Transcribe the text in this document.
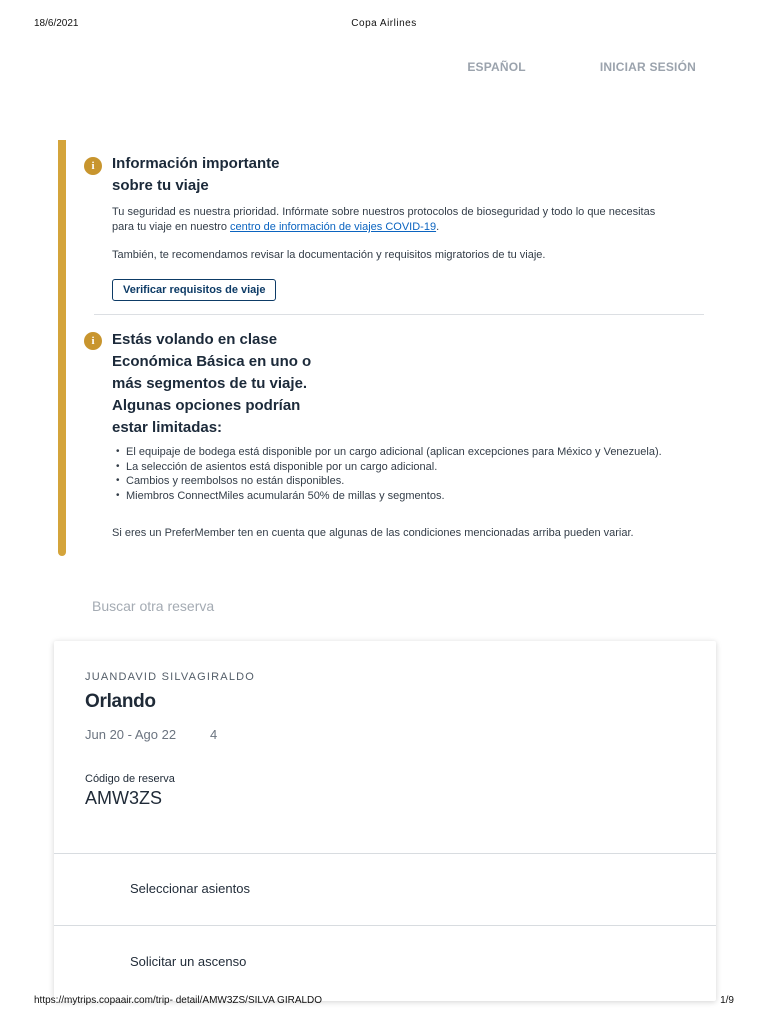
18/6/2021	Copa Airlines
ESPAÑOL	INICIAR SESIÓN
i	Información importante sobre tu viaje

Tu seguridad es nuestra prioridad. Infórmate sobre nuestros protocolos de bioseguridad y todo lo que necesitas para tu viaje en nuestro centro de información de viajes COVID-19.

También, te recomendamos revisar la documentación y requisitos migratorios de tu viaje.

Verificar requisitos de viaje
i	Estás volando en clase Económica Básica en uno o más segmentos de tu viaje. Algunas opciones podrían estar limitadas:
• El equipaje de bodega está disponible por un cargo adicional (aplican excepciones para México y Venezuela).
• La selección de asientos está disponible por un cargo adicional.
• Cambios y reembolsos no están disponibles.
• Miembros ConnectMiles acumularán 50% de millas y segmentos.

Si eres un PreferMember ten en cuenta que algunas de las condiciones mencionadas arriba pueden variar.

Buscar otra reserva
JUANDAVID SILVAGIRALDO
Orlando
Jun 20 - Ago 22	4
Código de reserva
AMW3ZS
Seleccionar asientos
Solicitar un ascenso
https://mytrips.copaair.com/trip- detail/AMW3ZS/SILVA GIRALDO	1/9
